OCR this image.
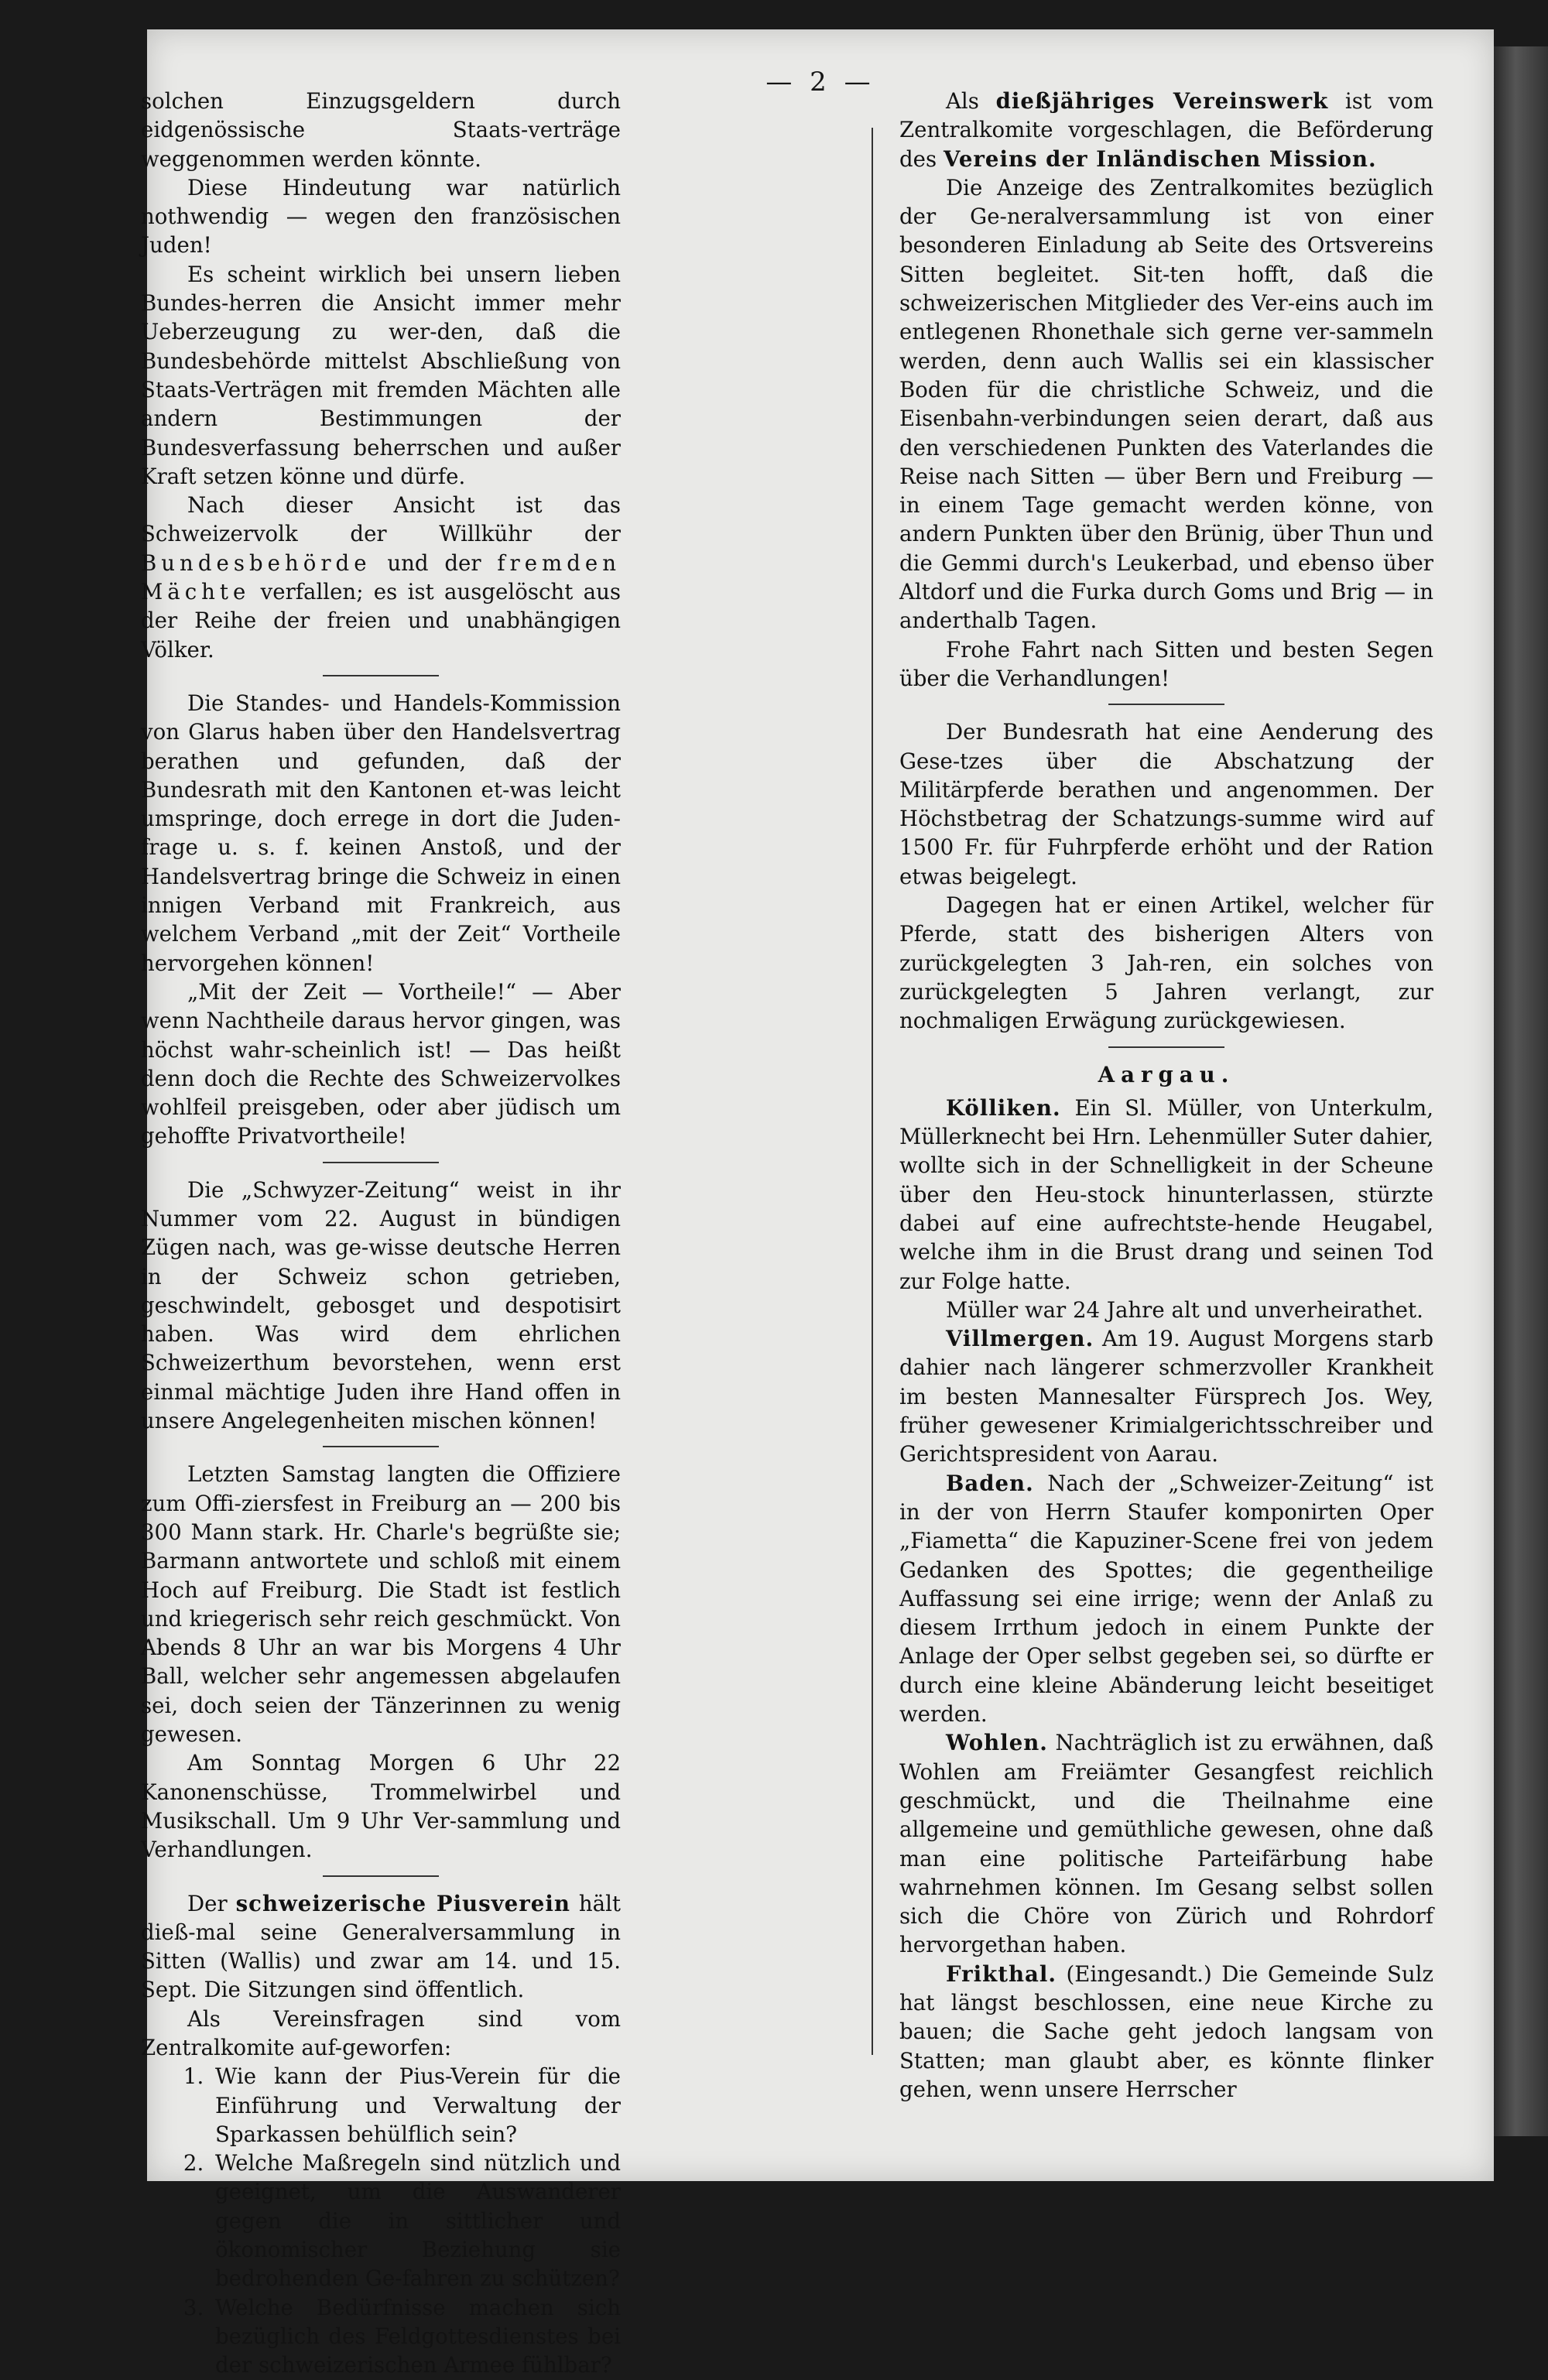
— 2 —

solchen Einzugsgeldern durch eidgenössische Staats-verträge weggenommen werden könnte.

Diese Hindeutung war natürlich nothwendig — wegen den französischen Juden!

Es scheint wirklich bei unsern lieben Bundes-herren die Ansicht immer mehr Ueberzeugung zu wer-den, daß die Bundesbehörde mittelst Abschließung von Staats-Verträgen mit fremden Mächten alle andern Bestimmungen der Bundesverfassung beherrschen und außer Kraft setzen könne und dürfe.

Nach dieser Ansicht ist das Schweizervolk der Willkühr der Bundesbehörde und der fremden Mächte verfallen; es ist ausgelöscht aus der Reihe der freien und unabhängigen Völker.

Die Standes- und Handels-Kommission von Glarus haben über den Handelsvertrag berathen und gefunden, daß der Bundesrath mit den Kantonen et-was leicht umspringe, doch errege in dort die Juden-frage u. s. f. keinen Anstoß, und der Handelsvertrag bringe die Schweiz in einen innigen Verband mit Frankreich, aus welchem Verband „mit der Zeit“ Vortheile hervorgehen können!

„Mit der Zeit — Vortheile!“ — Aber wenn Nachtheile daraus hervor gingen, was höchst wahr-scheinlich ist! — Das heißt denn doch die Rechte des Schweizervolkes wohlfeil preisgeben, oder aber jüdisch um gehoffte Privatvortheile!

Die „Schwyzer-Zeitung“ weist in ihr Nummer vom 22. August in bündigen Zügen nach, was ge-wisse deutsche Herren in der Schweiz schon getrieben, geschwindelt, gebosget und despotisirt haben. Was wird dem ehrlichen Schweizerthum bevorstehen, wenn erst einmal mächtige Juden ihre Hand offen in unsere Angelegenheiten mischen können!

Letzten Samstag langten die Offiziere zum Offi-ziersfest in Freiburg an — 200 bis 300 Mann stark. Hr. Charle's begrüßte sie; Barmann antwortete und schloß mit einem Hoch auf Freiburg. Die Stadt ist festlich und kriegerisch sehr reich geschmückt. Von Abends 8 Uhr an war bis Morgens 4 Uhr Ball, welcher sehr angemessen abgelaufen sei, doch seien der Tänzerinnen zu wenig gewesen.

Am Sonntag Morgen 6 Uhr 22 Kanonenschüsse, Trommelwirbel und Musikschall. Um 9 Uhr Ver-sammlung und Verhandlungen.

Der schweizerische Piusverein hält dieß-mal seine Generalversammlung in Sitten (Wallis) und zwar am 14. und 15. Sept. Die Sitzungen sind öffentlich.

Als Vereinsfragen sind vom Zentralkomite auf-geworfen:

1. Wie kann der Pius-Verein für die Einführung und Verwaltung der Sparkassen behülflich sein?
2. Welche Maßregeln sind nützlich und geeignet, um die Auswanderer gegen die in sittlicher und ökonomischer Beziehung sie bedrohenden Ge-fahren zu schützen?
3. Welche Bedürfnisse machen sich bezüglich des Feldgottesdienstes bei der schweizerischen Armee fühlbar?

Als dießjähriges Vereinswerk ist vom Zentralkomite vorgeschlagen, die Beförderung des Vereins der Inländischen Mission.

Die Anzeige des Zentralkomites bezüglich der Ge-neralversammlung ist von einer besonderen Einladung ab Seite des Ortsvereins Sitten begleitet. Sit-ten hofft, daß die schweizerischen Mitglieder des Ver-eins auch im entlegenen Rhonethale sich gerne ver-sammeln werden, denn auch Wallis sei ein klassischer Boden für die christliche Schweiz, und die Eisenbahn-verbindungen seien derart, daß aus den verschiedenen Punkten des Vaterlandes die Reise nach Sitten — über Bern und Freiburg — in einem Tage gemacht werden könne, von andern Punkten über den Brünig, über Thun und die Gemmi durch's Leukerbad, und ebenso über Altdorf und die Furka durch Goms und Brig — in anderthalb Tagen.

Frohe Fahrt nach Sitten und besten Segen über die Verhandlungen!

Der Bundesrath hat eine Aenderung des Gese-tzes über die Abschatzung der Militärpferde berathen und angenommen. Der Höchstbetrag der Schatzungs-summe wird auf 1500 Fr. für Fuhrpferde erhöht und der Ration etwas beigelegt.

Dagegen hat er einen Artikel, welcher für Pferde, statt des bisherigen Alters von zurückgelegten 3 Jah-ren, ein solches von zurückgelegten 5 Jahren verlangt, zur nochmaligen Erwägung zurückgewiesen.

Aargau.

Kölliken. Ein Sl. Müller, von Unterkulm, Müllerknecht bei Hrn. Lehenmüller Suter dahier, wollte sich in der Schnelligkeit in der Scheune über den Heu-stock hinunterlassen, stürzte dabei auf eine aufrechtste-hende Heugabel, welche ihm in die Brust drang und seinen Tod zur Folge hatte.

Müller war 24 Jahre alt und unverheirathet.

Villmergen. Am 19. August Morgens starb dahier nach längerer schmerzvoller Krankheit im besten Mannesalter Fürsprech Jos. Wey, früher gewesener Krimialgerichtsschreiber und Gerichtspresident von Aarau.

Baden. Nach der „Schweizer-Zeitung“ ist in der von Herrn Staufer komponirten Oper „Fiametta“ die Kapuziner-Scene frei von jedem Gedanken des Spottes; die gegentheilige Auffassung sei eine irrige; wenn der Anlaß zu diesem Irrthum jedoch in einem Punkte der Anlage der Oper selbst gegeben sei, so dürfte er durch eine kleine Abänderung leicht beseitiget werden.

Wohlen. Nachträglich ist zu erwähnen, daß Wohlen am Freiämter Gesangfest reichlich geschmückt, und die Theilnahme eine allgemeine und gemüthliche gewesen, ohne daß man eine politische Parteifärbung habe wahrnehmen können. Im Gesang selbst sollen sich die Chöre von Zürich und Rohrdorf hervorgethan haben.

Frikthal. (Eingesandt.) Die Gemeinde Sulz hat längst beschlossen, eine neue Kirche zu bauen; die Sache geht jedoch langsam von Statten; man glaubt aber, es könnte flinker gehen, wenn unsere Herrscher
